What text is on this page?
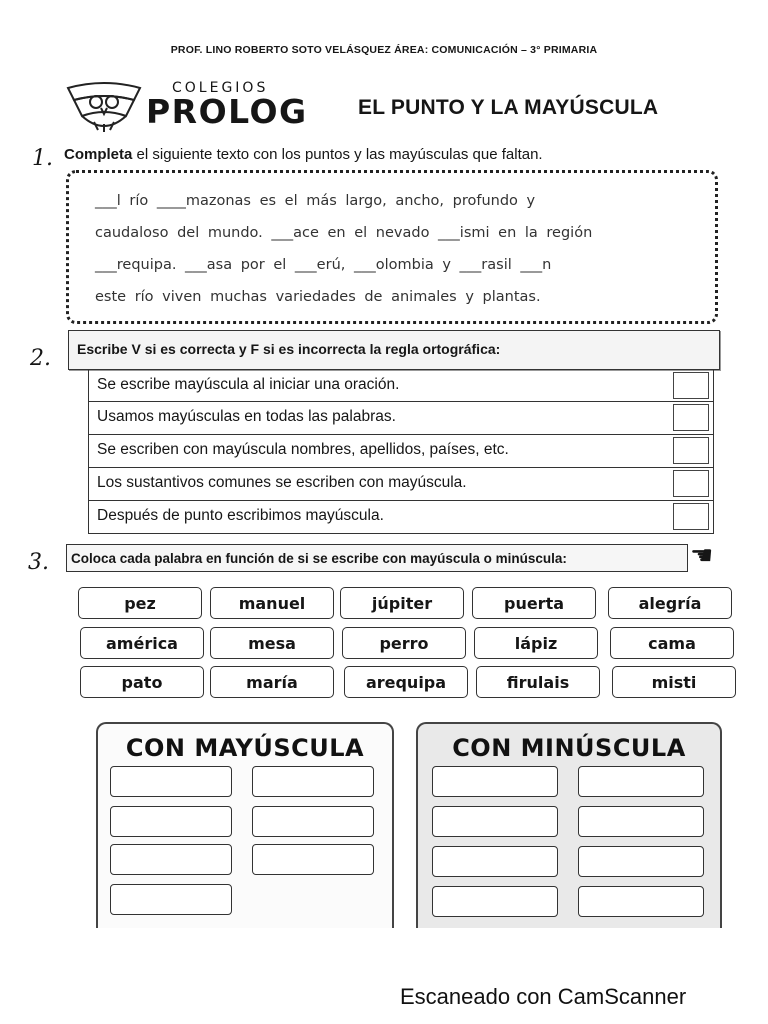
PROF. LINO ROBERTO SOTO VELÁSQUEZ ÁREA: COMUNICACIÓN – 3° PRIMARIA
COLEGIOS
PROLOG EL PUNTO Y LA MAYÚSCULA
1. Completa el siguiente texto con los puntos y las mayúsculas que faltan.
___l río ____mazonas es el más largo, ancho, profundo y
caudaloso del mundo. ___ace en el nevado ___ismi en la región
___requipa. ___asa por el ___erú, ___olombia y ___rasil ___n
este río viven muchas variedades de animales y plantas.
2.	Escribe V si es correcta y F si es incorrecta la regla ortográfica:
Se escribe mayúscula al iniciar una oración.
Usamos mayúsculas en todas las palabras.
Se escriben con mayúscula nombres, apellidos, países, etc.
Los sustantivos comunes se escriben con mayúscula.
Después de punto escribimos mayúscula.
3.	Coloca cada palabra en función de si se escribe con mayúscula o minúscula:	☚
pez	manuel	júpiter	puerta	alegría
américa	mesa	perro	lápiz	cama
pato	maría	arequipa	firulais	misti
CON MAYÚSCULA	CON MINÚSCULA
Escaneado con CamScanner
